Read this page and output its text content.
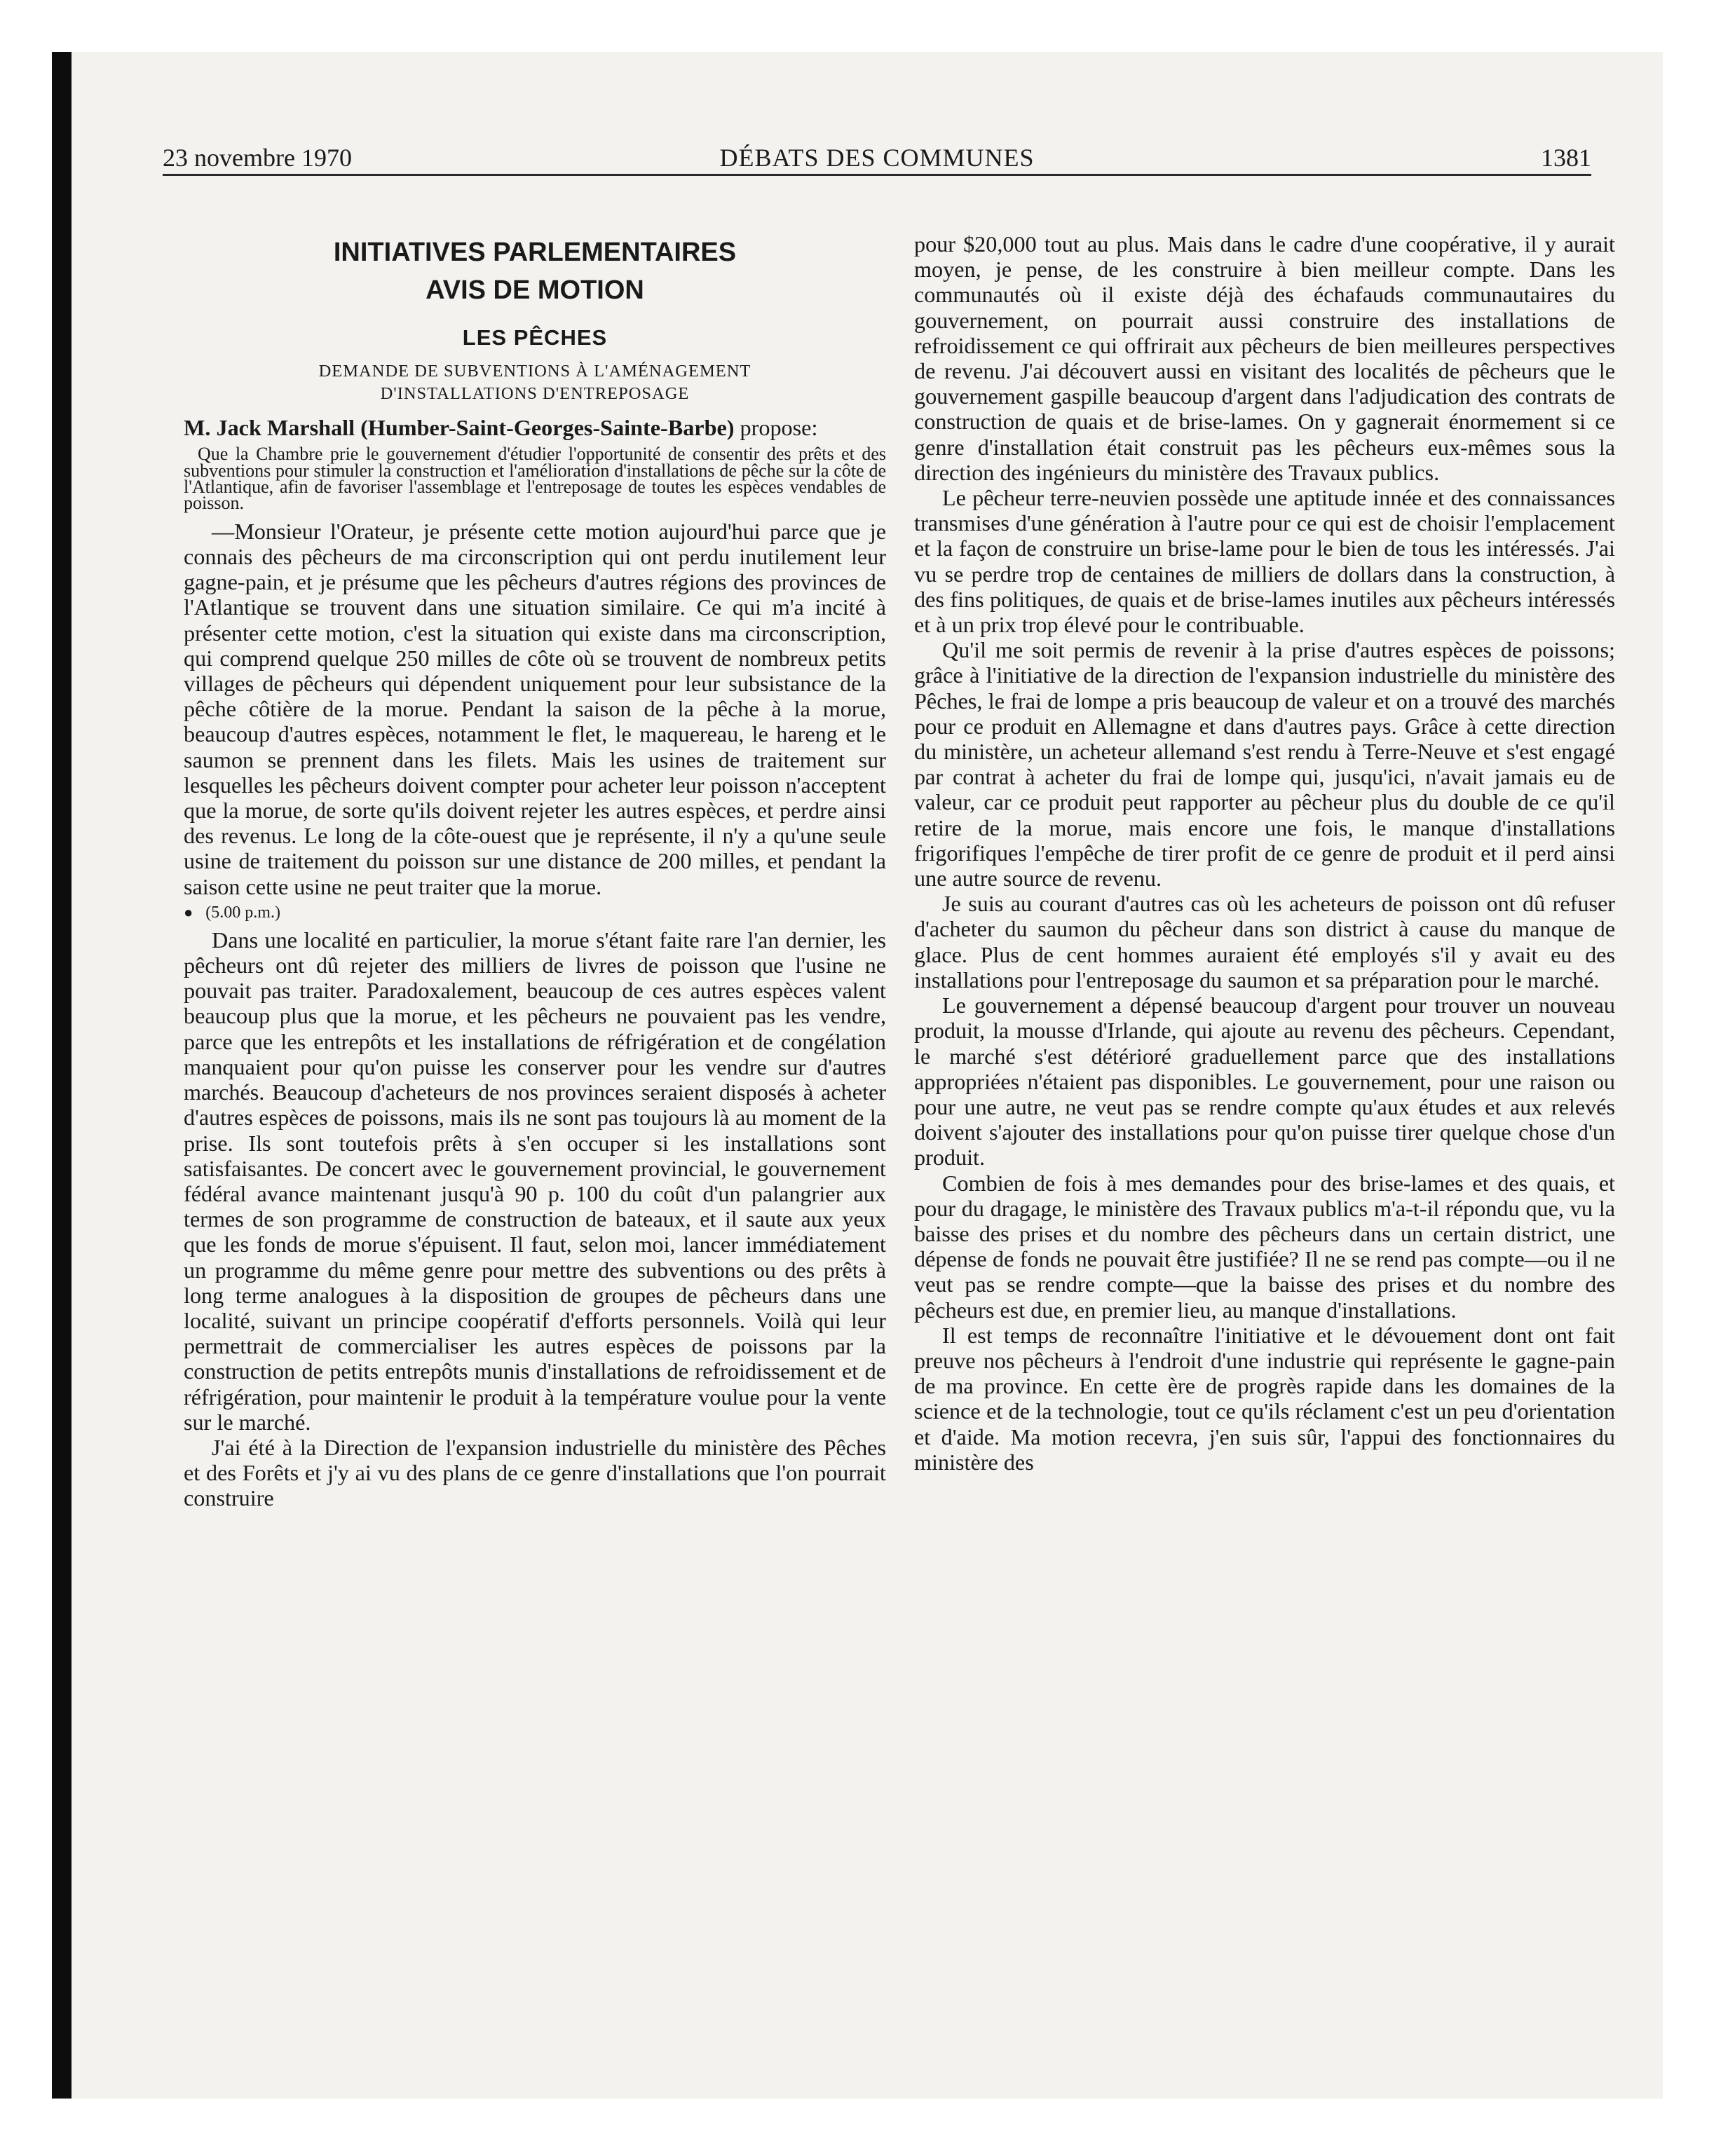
23 novembre 1970	DÉBATS DES COMMUNES	1381
INITIATIVES PARLEMENTAIRES
AVIS DE MOTION
LES PÊCHES
DEMANDE DE SUBVENTIONS À L'AMÉNAGEMENT
D'INSTALLATIONS D'ENTREPOSAGE

M. Jack Marshall (Humber-Saint-Georges-Sainte-Barbe) propose:

Que la Chambre prie le gouvernement d'étudier l'opportunité de consentir des prêts et des subventions pour stimuler la construction et l'amélioration d'installations de pêche sur la côte de l'Atlantique, afin de favoriser l'assemblage et l'entreposage de toutes les espèces vendables de poisson.

—Monsieur l'Orateur, je présente cette motion aujourd'hui parce que je connais des pêcheurs de ma circonscription qui ont perdu inutilement leur gagne-pain, et je présume que les pêcheurs d'autres régions des provinces de l'Atlantique se trouvent dans une situation similaire. Ce qui m'a incité à présenter cette motion, c'est la situation qui existe dans ma circonscription, qui comprend quelque 250 milles de côte où se trouvent de nombreux petits villages de pêcheurs qui dépendent uniquement pour leur subsistance de la pêche côtière de la morue. Pendant la saison de la pêche à la morue, beaucoup d'autres espèces, notamment le flet, le maquereau, le hareng et le saumon se prennent dans les filets. Mais les usines de traitement sur lesquelles les pêcheurs doivent compter pour acheter leur poisson n'acceptent que la morue, de sorte qu'ils doivent rejeter les autres espèces, et perdre ainsi des revenus. Le long de la côte-ouest que je représente, il n'y a qu'une seule usine de traitement du poisson sur une distance de 200 milles, et pendant la saison cette usine ne peut traiter que la morue.

● (5.00 p.m.)

Dans une localité en particulier, la morue s'étant faite rare l'an dernier, les pêcheurs ont dû rejeter des milliers de livres de poisson que l'usine ne pouvait pas traiter. Paradoxalement, beaucoup de ces autres espèces valent beaucoup plus que la morue, et les pêcheurs ne pouvaient pas les vendre, parce que les entrepôts et les installations de réfrigération et de congélation manquaient pour qu'on puisse les conserver pour les vendre sur d'autres marchés. Beaucoup d'acheteurs de nos provinces seraient disposés à acheter d'autres espèces de poissons, mais ils ne sont pas toujours là au moment de la prise. Ils sont toutefois prêts à s'en occuper si les installations sont satisfaisantes. De concert avec le gouvernement provincial, le gouvernement fédéral avance maintenant jusqu'à 90 p. 100 du coût d'un palangrier aux termes de son programme de construction de bateaux, et il saute aux yeux que les fonds de morue s'épuisent. Il faut, selon moi, lancer immédiatement un programme du même genre pour mettre des subventions ou des prêts à long terme analogues à la disposition de groupes de pêcheurs dans une localité, suivant un principe coopératif d'efforts personnels. Voilà qui leur permettrait de commercialiser les autres espèces de poissons par la construction de petits entrepôts munis d'installations de refroidissement et de réfrigération, pour maintenir le produit à la température voulue pour la vente sur le marché.

J'ai été à la Direction de l'expansion industrielle du ministère des Pêches et des Forêts et j'y ai vu des plans de ce genre d'installations que l'on pourrait construire

pour $20,000 tout au plus. Mais dans le cadre d'une coopérative, il y aurait moyen, je pense, de les construire à bien meilleur compte. Dans les communautés où il existe déjà des échafauds communautaires du gouvernement, on pourrait aussi construire des installations de refroidissement ce qui offrirait aux pêcheurs de bien meilleures perspectives de revenu. J'ai découvert aussi en visitant des localités de pêcheurs que le gouvernement gaspille beaucoup d'argent dans l'adjudication des contrats de construction de quais et de brise-lames. On y gagnerait énormement si ce genre d'installation était construit pas les pêcheurs eux-mêmes sous la direction des ingénieurs du ministère des Travaux publics.

Le pêcheur terre-neuvien possède une aptitude innée et des connaissances transmises d'une génération à l'autre pour ce qui est de choisir l'emplacement et la façon de construire un brise-lame pour le bien de tous les intéressés. J'ai vu se perdre trop de centaines de milliers de dollars dans la construction, à des fins politiques, de quais et de brise-lames inutiles aux pêcheurs intéressés et à un prix trop élevé pour le contribuable.

Qu'il me soit permis de revenir à la prise d'autres espèces de poissons; grâce à l'initiative de la direction de l'expansion industrielle du ministère des Pêches, le frai de lompe a pris beaucoup de valeur et on a trouvé des marchés pour ce produit en Allemagne et dans d'autres pays. Grâce à cette direction du ministère, un acheteur allemand s'est rendu à Terre-Neuve et s'est engagé par contrat à acheter du frai de lompe qui, jusqu'ici, n'avait jamais eu de valeur, car ce produit peut rapporter au pêcheur plus du double de ce qu'il retire de la morue, mais encore une fois, le manque d'installations frigorifiques l'empêche de tirer profit de ce genre de produit et il perd ainsi une autre source de revenu.

Je suis au courant d'autres cas où les acheteurs de poisson ont dû refuser d'acheter du saumon du pêcheur dans son district à cause du manque de glace. Plus de cent hommes auraient été employés s'il y avait eu des installations pour l'entreposage du saumon et sa préparation pour le marché.

Le gouvernement a dépensé beaucoup d'argent pour trouver un nouveau produit, la mousse d'Irlande, qui ajoute au revenu des pêcheurs. Cependant, le marché s'est détérioré graduellement parce que des installations appropriées n'étaient pas disponibles. Le gouvernement, pour une raison ou pour une autre, ne veut pas se rendre compte qu'aux études et aux relevés doivent s'ajouter des installations pour qu'on puisse tirer quelque chose d'un produit.

Combien de fois à mes demandes pour des brise-lames et des quais, et pour du dragage, le ministère des Travaux publics m'a-t-il répondu que, vu la baisse des prises et du nombre des pêcheurs dans un certain district, une dépense de fonds ne pouvait être justifiée? Il ne se rend pas compte—ou il ne veut pas se rendre compte—que la baisse des prises et du nombre des pêcheurs est due, en premier lieu, au manque d'installations.

Il est temps de reconnaître l'initiative et le dévouement dont ont fait preuve nos pêcheurs à l'endroit d'une industrie qui représente le gagne-pain de ma province. En cette ère de progrès rapide dans les domaines de la science et de la technologie, tout ce qu'ils réclament c'est un peu d'orientation et d'aide. Ma motion recevra, j'en suis sûr, l'appui des fonctionnaires du ministère des
